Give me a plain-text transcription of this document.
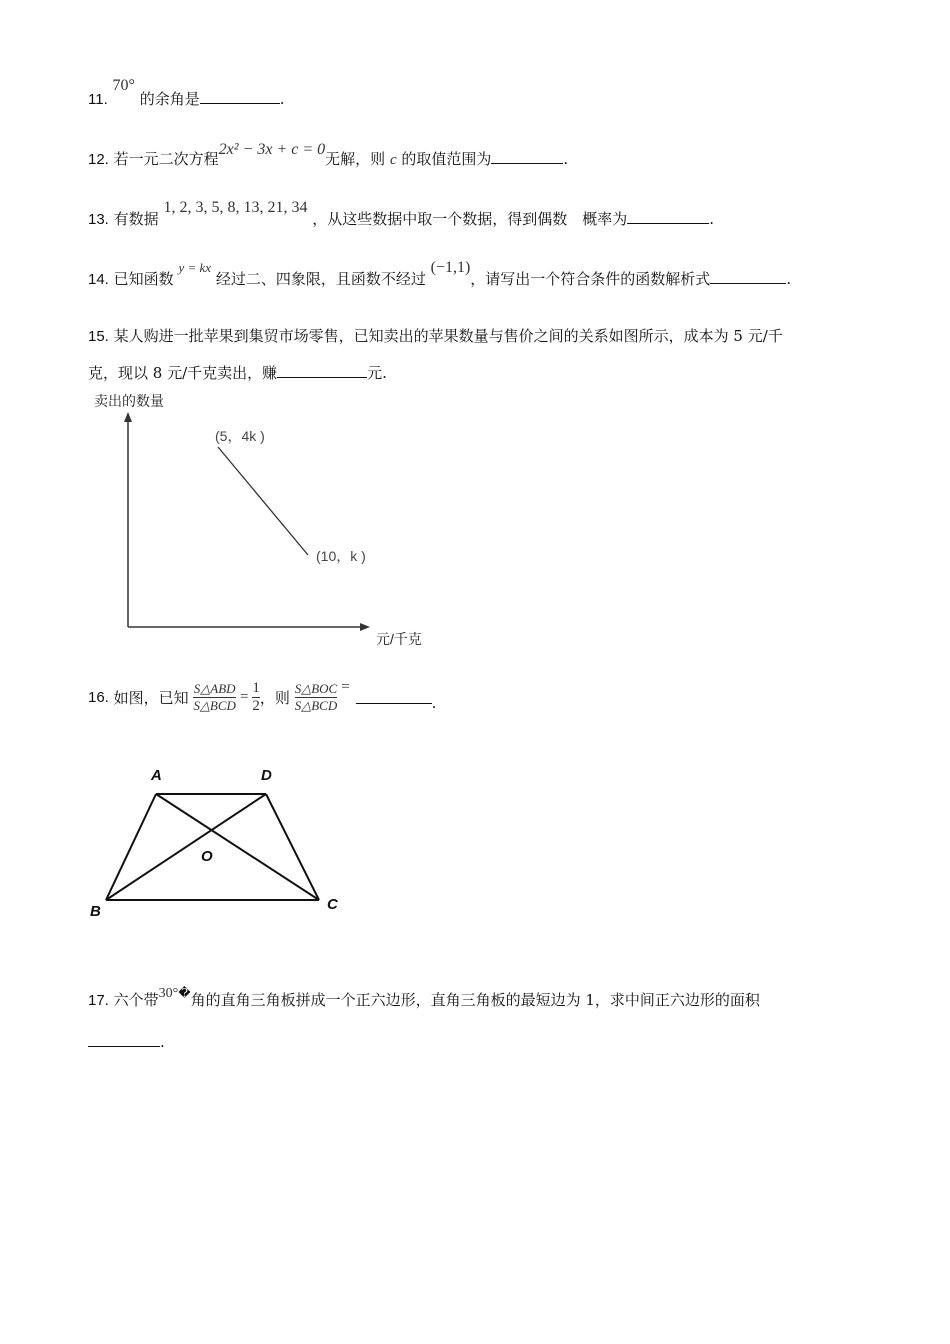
11. 70° 的余角是	.
12. 若一元二次方程2x² − 3x + c = 0无解，则 c 的取值范围为	.
13. 有数据 1, 2, 3, 5, 8, 13, 21, 34 ，从这些数据中取一个数据，得到偶数　概率为	.
14. 已知函数 y = kx 经过二、四象限，且函数不经过 (−1,1)，请写出一个符合条件的函数解析式	.
15. 某人购进一批苹果到集贸市场零售，已知卖出的苹果数量与售价之间的关系如图所示，成本为 5 元/千
克，现以 8 元/千克卖出，赚	元.
卖出的数量
元/千克
(5，4k )
(10，k )
16.
如图，已知
$\frac{\text{S△ABD}}{\text{S△BCD}} = \frac{1}{2}$ ，则
$\frac{\text{S△BOC}}{\text{S△BCD}}$ =
.
A	D
O
B	C
17. 六个带30°�角的直角三角板拼成一个正六边形，直角三角板的最短边为 1，求中间正六边形的面积
.
